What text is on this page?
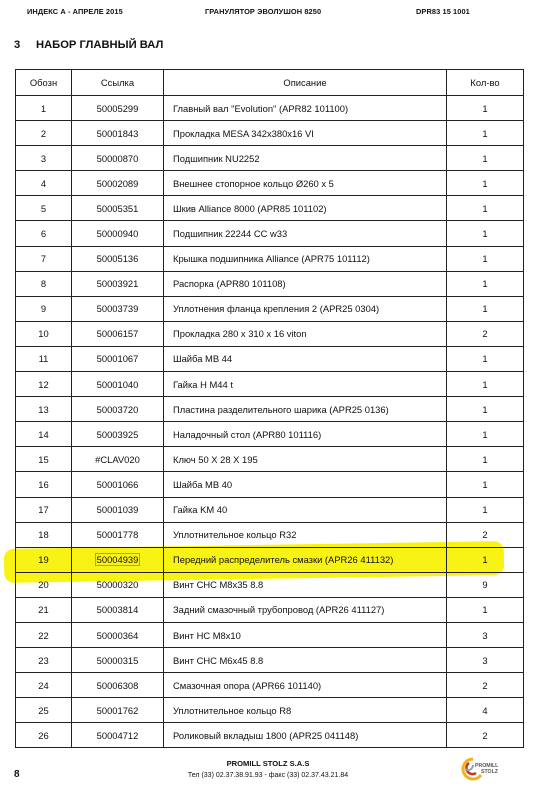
ИНДЕКС А - АПРЕЛЕ 2015	ГРАНУЛЯТОР ЭВОЛУШОН 8250	DPR83 15 1001
3 НАБОР ГЛАВНЫЙ ВАЛ
Обозн	Ссылка	Описание	Кол-во
1	50005299	Главный вал "Evolution" (APR82 101100)	1
2	50001843	Прокладка MESA 342x380x16 VI	1
3	50000870	Подшипник NU2252	1
4	50002089	Внешнее стопорное кольцо Ø260 x 5	1
5	50005351	Шкив Alliance 8000 (APR85 101102)	1
6	50000940	Подшипник 22244 CC w33	1
7	50005136	Крышка подшипника Alliance (APR75 101112)	1
8	50003921	Распорка (APR80 101108)	1
9	50003739	Уплотнения фланца крепления 2 (APR25 0304)	1
10	50006157	Прокладка 280 x 310 x 16 viton	2
11	50001067	Шайба MB 44	1
12	50001040	Гайка H M44 t	1
13	50003720	Пластина разделительного шарика (APR25 0136)	1
14	50003925	Наладочный стол (APR80 101116)	1
15	#CLAV020	Ключ 50 X 28 X 195	1
16	50001066	Шайба MB 40	1
17	50001039	Гайка KM 40	1
18	50001778	Уплотнительное кольцо R32	2
19	50004939	Передний распределитель смазки (APR26 411132)	1
20	50000320	Винт CHC M8x35 8.8	9
21	50003814	Задний смазочный трубопровод (APR26 411127)	1
22	50000364	Винт HC M8x10	3
23	50000315	Винт CHC M6x45 8.8	3
24	50006308	Смазочная опора (APR66 101140)	2
25	50001762	Уплотнительное кольцо R8	4
26	50004712	Роликовый вкладыш 1800 (APR25 041148)	2
8
PROMILL STOLZ S.A.S
Тел (33) 02.37.38.91.93 - факс (33) 02.37.43.21.84
PROMILL
STOLZ
